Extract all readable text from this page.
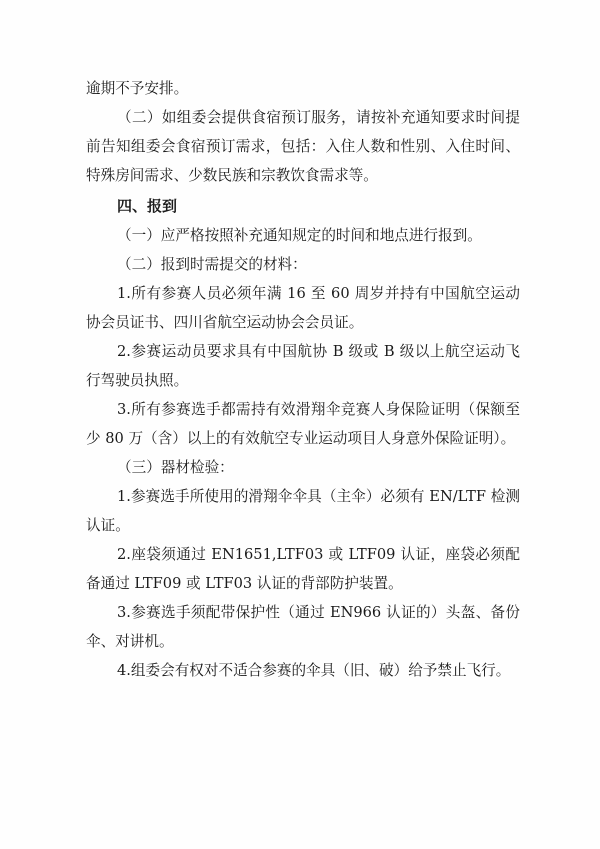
逾期不予安排。

（二）如组委会提供食宿预订服务，请按补充通知要求时间提前告知组委会食宿预订需求，包括：入住人数和性别、入住时间、特殊房间需求、少数民族和宗教饮食需求等。

四、报到

（一）应严格按照补充通知规定的时间和地点进行报到。

（二）报到时需提交的材料：

1.所有参赛人员必须年满 16 至 60 周岁并持有中国航空运动协会员证书、四川省航空运动协会会员证。

2.参赛运动员要求具有中国航协 B 级或 B 级以上航空运动飞行驾驶员执照。

3.所有参赛选手都需持有效滑翔伞竞赛人身保险证明（保额至少 80 万（含）以上的有效航空专业运动项目人身意外保险证明）。

（三）器材检验：

1.参赛选手所使用的滑翔伞伞具（主伞）必须有 EN/LTF 检测认证。

2.座袋须通过 EN1651,LTF03 或 LTF09 认证，座袋必须配备通过 LTF09 或 LTF03 认证的背部防护装置。

3.参赛选手须配带保护性（通过 EN966 认证的）头盔、备份伞、对讲机。

4.组委会有权对不适合参赛的伞具（旧、破）给予禁止飞行。
